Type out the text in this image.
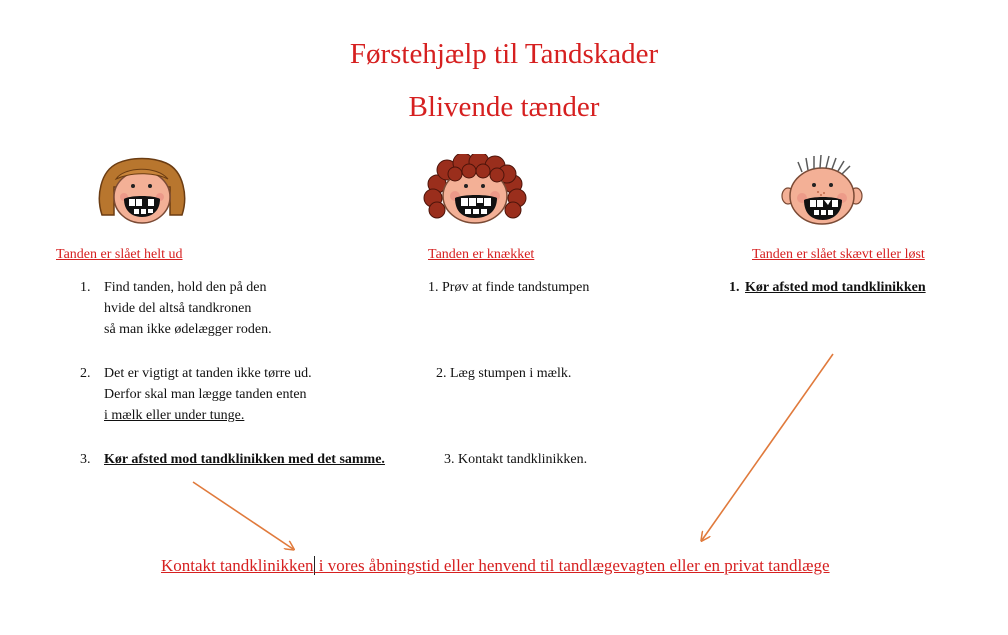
Førstehjælp til Tandskader
Blivende tænder
Tanden er slået helt ud	Tanden er knækket	Tanden er slået skævt eller løst
1. Find tanden, hold den på den
hvide del altså tandkronen
så man ikke ødelægger roden.
2. Det er vigtigt at tanden ikke tørre ud.
Derfor skal man lægge tanden enten
i mælk eller under tunge.
3. Kør afsted mod tandklinikken med det samme.
1. Prøv at finde tandstumpen
2. Læg stumpen i mælk.
3. Kontakt tandklinikken.
1. Kør afsted mod tandklinikken
Kontakt tandklinikken i vores åbningstid eller henvend til tandlægevagten eller en privat tandlæge
